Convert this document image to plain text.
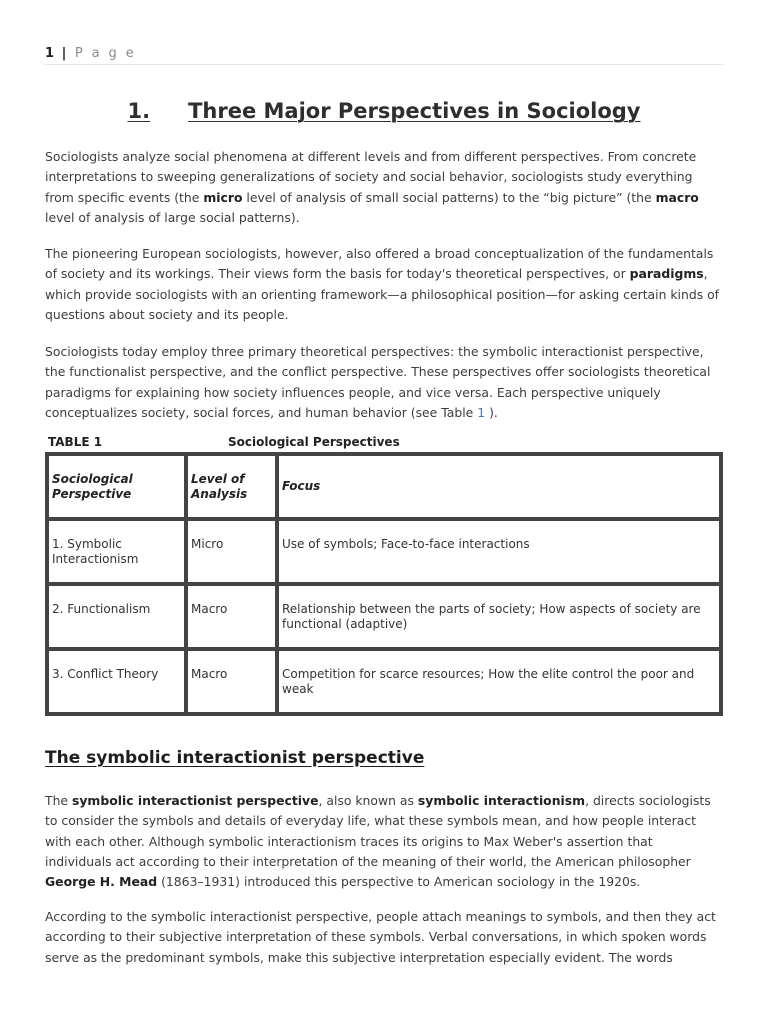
1 | P a g e
1. Three Major Perspectives in Sociology

Sociologists analyze social phenomena at different levels and from different perspectives. From concrete interpretations to sweeping generalizations of society and social behavior, sociologists study everything from specific events (the micro level of analysis of small social patterns) to the “big picture” (the macro level of analysis of large social patterns).

The pioneering European sociologists, however, also offered a broad conceptualization of the fundamentals of society and its workings. Their views form the basis for today's theoretical perspectives, or paradigms, which provide sociologists with an orienting framework—a philosophical position—for asking certain kinds of questions about society and its people.

Sociologists today employ three primary theoretical perspectives: the symbolic interactionist perspective, the functionalist perspective, and the conflict perspective. These perspectives offer sociologists theoretical paradigms for explaining how society influences people, and vice versa. Each perspective uniquely conceptualizes society, social forces, and human behavior (see Table 1 ).

TABLE 1	Sociological Perspectives
Sociological Perspective	Level of Analysis	Focus
1. Symbolic Interactionism	Micro	Use of symbols; Face-to-face interactions
2. Functionalism	Macro	Relationship between the parts of society; How aspects of society are functional (adaptive)
3. Conflict Theory	Macro	Competition for scarce resources; How the elite control the poor and weak
The symbolic interactionist perspective

The symbolic interactionist perspective, also known as symbolic interactionism, directs sociologists to consider the symbols and details of everyday life, what these symbols mean, and how people interact with each other. Although symbolic interactionism traces its origins to Max Weber's assertion that individuals act according to their interpretation of the meaning of their world, the American philosopher George H. Mead (1863–1931) introduced this perspective to American sociology in the 1920s.

According to the symbolic interactionist perspective, people attach meanings to symbols, and then they act according to their subjective interpretation of these symbols. Verbal conversations, in which spoken words serve as the predominant symbols, make this subjective interpretation especially evident. The words
